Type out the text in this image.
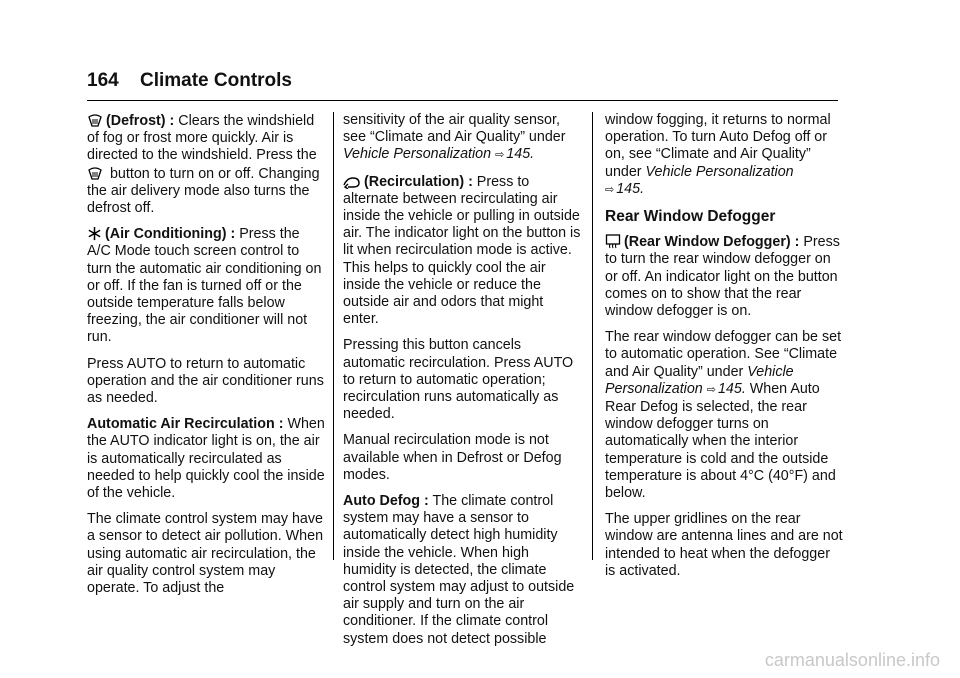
164 Climate Controls

(Defrost) : Clears the windshield of fog or frost more quickly. Air is directed to the windshield. Press the  button to turn on or off. Changing the air delivery mode also turns the defrost off.

(Air Conditioning) : Press the A/C Mode touch screen control to turn the automatic air conditioning on or off. If the fan is turned off or the outside temperature falls below freezing, the air conditioner will not run.

Press AUTO to return to automatic operation and the air conditioner runs as needed.

Automatic Air Recirculation : When the AUTO indicator light is on, the air is automatically recirculated as needed to help quickly cool the inside of the vehicle.

The climate control system may have a sensor to detect air pollution. When using automatic air recirculation, the air quality control system may operate. To adjust the

sensitivity of the air quality sensor, see “Climate and Air Quality” under Vehicle Personalization ⇨ 145.

(Recirculation) : Press to alternate between recirculating air inside the vehicle or pulling in outside air. The indicator light on the button is lit when recirculation mode is active. This helps to quickly cool the air inside the vehicle or reduce the outside air and odors that might enter.

Pressing this button cancels automatic recirculation. Press AUTO to return to automatic operation; recirculation runs automatically as needed.

Manual recirculation mode is not available when in Defrost or Defog modes.

Auto Defog : The climate control system may have a sensor to automatically detect high humidity inside the vehicle. When high humidity is detected, the climate control system may adjust to outside air supply and turn on the air conditioner. If the climate control system does not detect possible

window fogging, it returns to normal operation. To turn Auto Defog off or on, see “Climate and Air Quality” under Vehicle Personalization
⇨ 145.

Rear Window Defogger

(Rear Window Defogger) : Press to turn the rear window defogger on or off. An indicator light on the button comes on to show that the rear window defogger is on.

The rear window defogger can be set to automatic operation. See “Climate and Air Quality” under Vehicle Personalization ⇨ 145. When Auto Rear Defog is selected, the rear window defogger turns on automatically when the interior temperature is cold and the outside temperature is about 4°C (40°F) and below.

The upper gridlines on the rear window are antenna lines and are not intended to heat when the defogger is activated.

carmanualsonline.info
